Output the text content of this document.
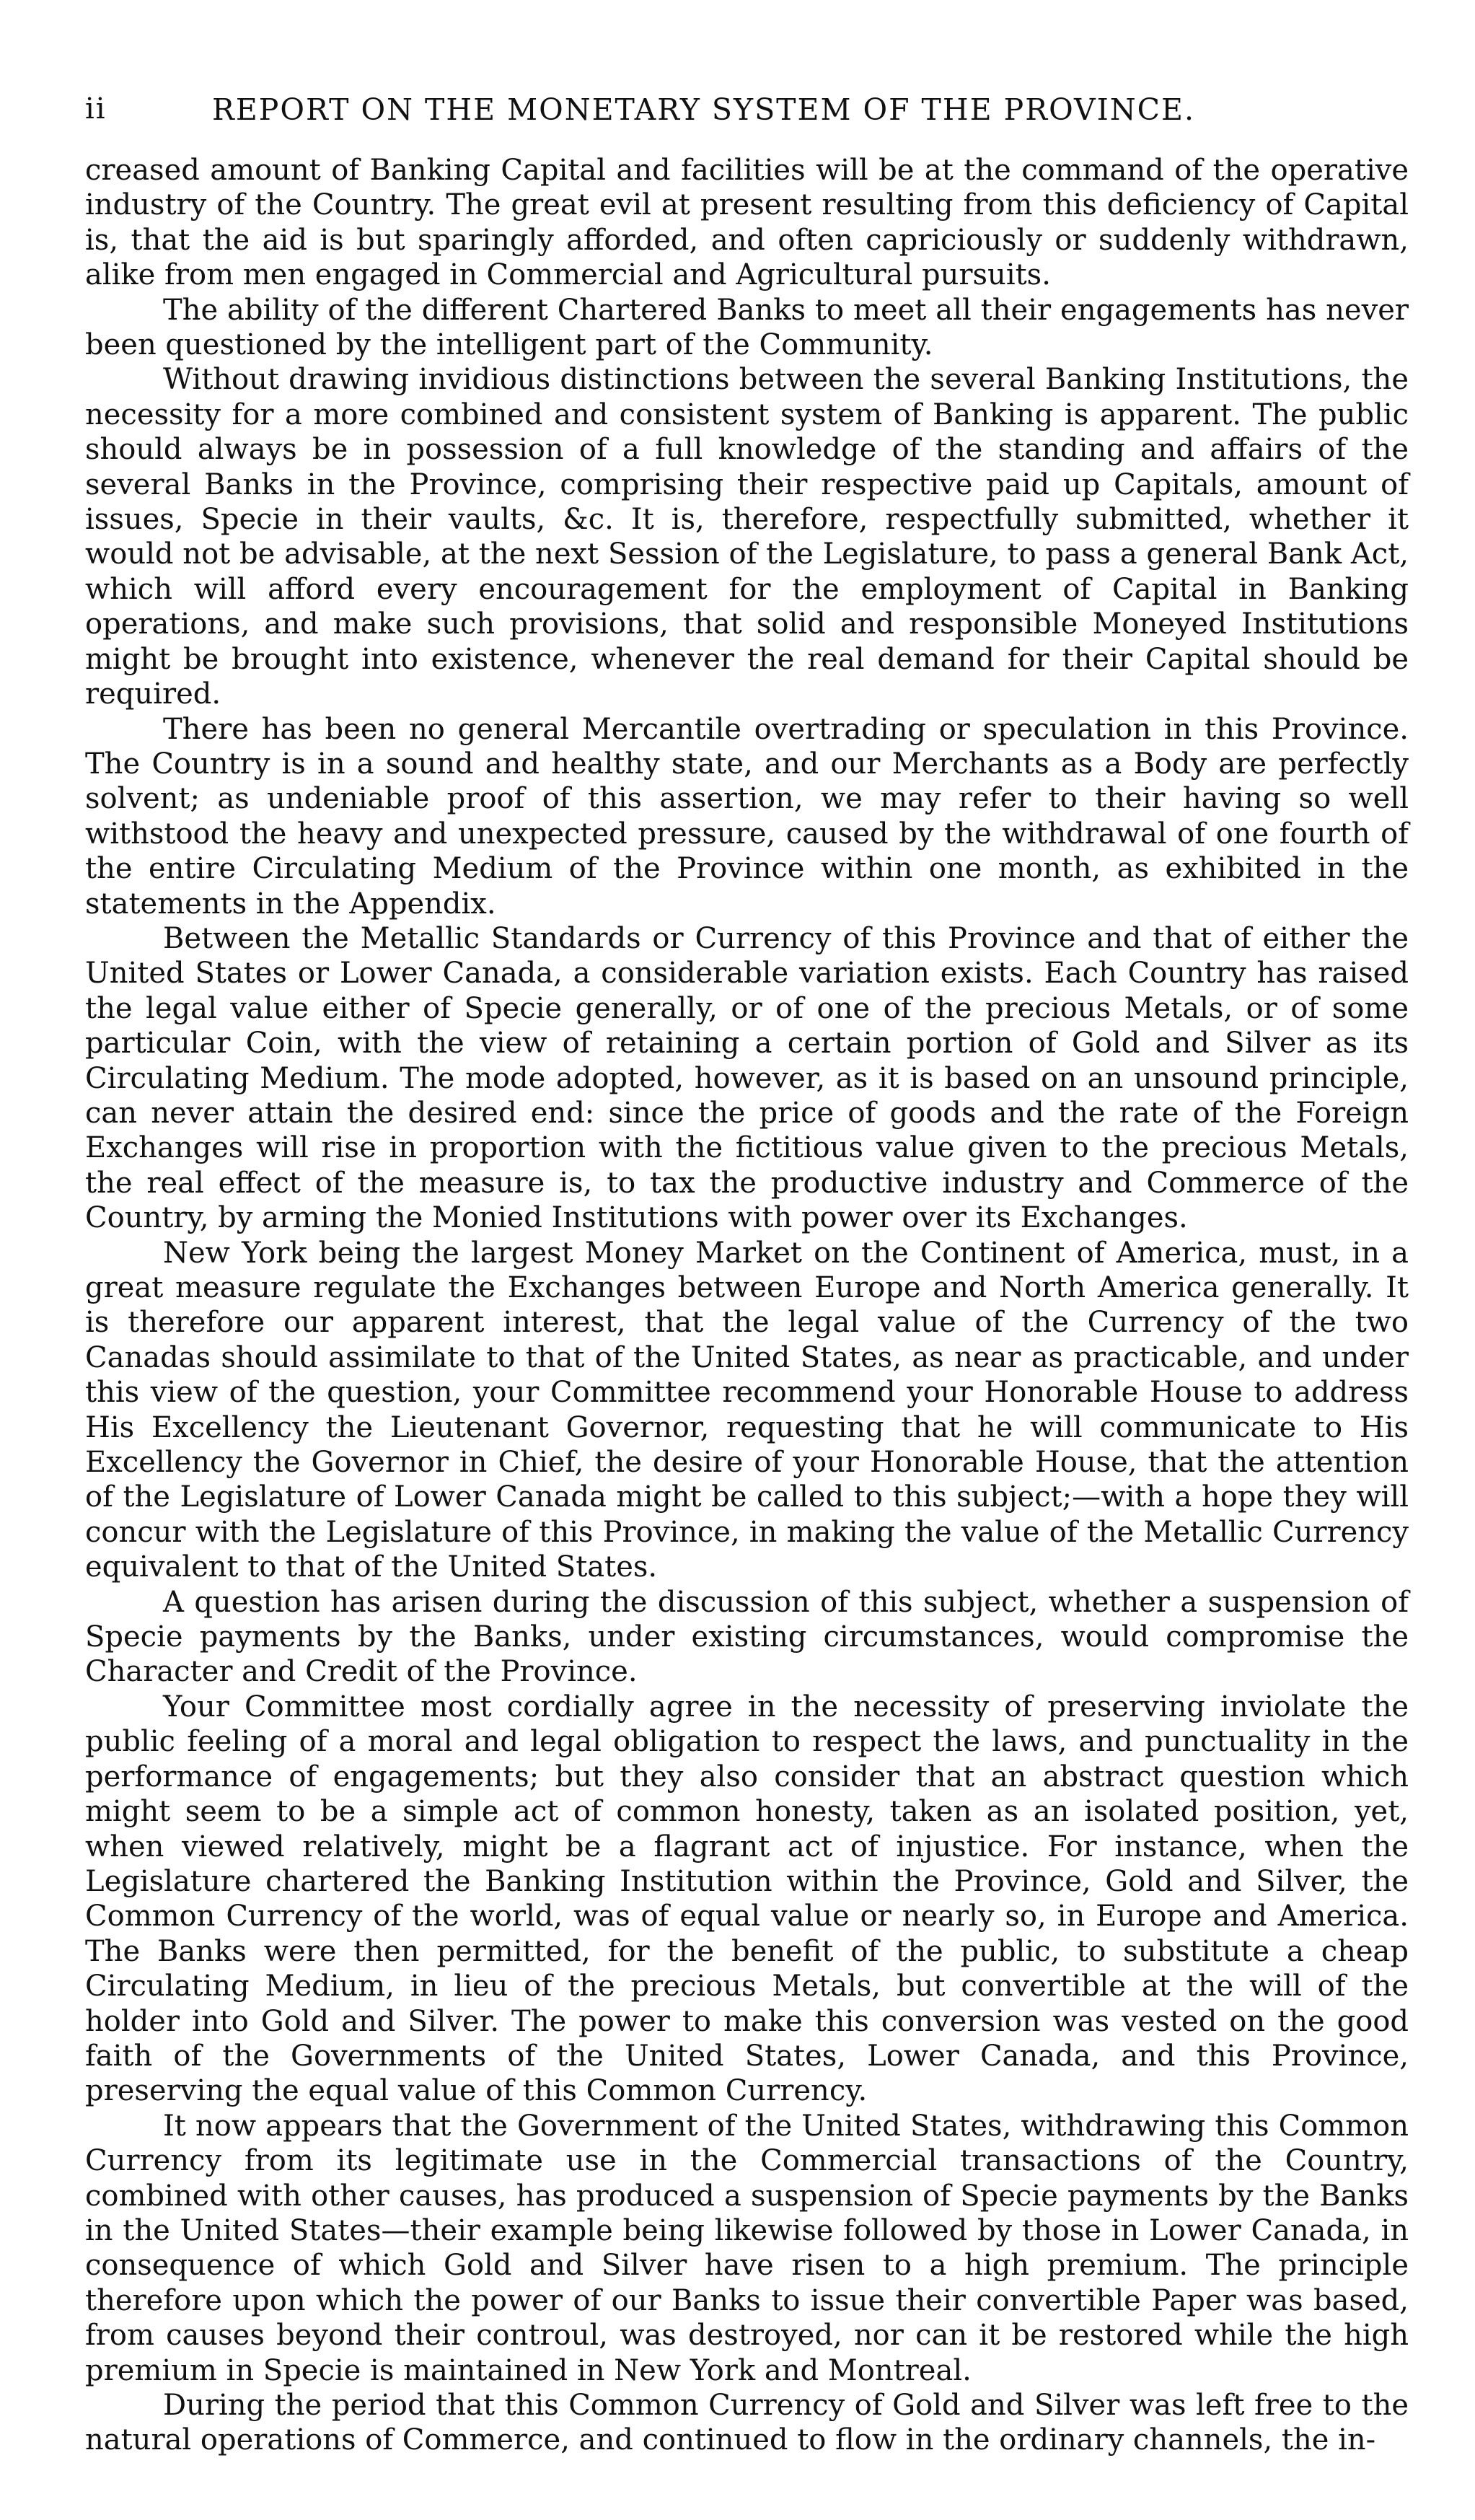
ii	REPORT ON THE MONETARY SYSTEM OF THE PROVINCE.

creased amount of Banking Capital and facilities will be at the command of the operative industry of the Country. The great evil at present resulting from this deficiency of Capital is, that the aid is but sparingly afforded, and often capriciously or suddenly withdrawn, alike from men engaged in Commercial and Agricultural pursuits.

The ability of the different Chartered Banks to meet all their engagements has never been questioned by the intelligent part of the Community.

Without drawing invidious distinctions between the several Banking Institutions, the necessity for a more combined and consistent system of Banking is apparent. The public should always be in possession of a full knowledge of the standing and affairs of the several Banks in the Province, comprising their respective paid up Capitals, amount of issues, Specie in their vaults, &c. It is, therefore, respectfully submitted, whether it would not be advisable, at the next Session of the Legislature, to pass a general Bank Act, which will afford every encouragement for the employment of Capital in Banking operations, and make such provisions, that solid and responsible Moneyed Institutions might be brought into existence, whenever the real demand for their Capital should be required.

There has been no general Mercantile overtrading or speculation in this Province. The Country is in a sound and healthy state, and our Merchants as a Body are perfectly solvent; as undeniable proof of this assertion, we may refer to their having so well withstood the heavy and unexpected pressure, caused by the withdrawal of one fourth of the entire Circulating Medium of the Province within one month, as exhibited in the statements in the Appendix.

Between the Metallic Standards or Currency of this Province and that of either the United States or Lower Canada, a considerable variation exists. Each Country has raised the legal value either of Specie generally, or of one of the precious Metals, or of some particular Coin, with the view of retaining a certain portion of Gold and Silver as its Circulating Medium. The mode adopted, however, as it is based on an unsound principle, can never attain the desired end: since the price of goods and the rate of the Foreign Exchanges will rise in proportion with the fictitious value given to the precious Metals, the real effect of the measure is, to tax the productive industry and Commerce of the Country, by arming the Monied Institutions with power over its Exchanges.

New York being the largest Money Market on the Continent of America, must, in a great measure regulate the Exchanges between Europe and North America generally. It is therefore our apparent interest, that the legal value of the Currency of the two Canadas should assimilate to that of the United States, as near as practicable, and under this view of the question, your Committee recommend your Honorable House to address His Excellency the Lieutenant Governor, requesting that he will communicate to His Excellency the Governor in Chief, the desire of your Honorable House, that the attention of the Legislature of Lower Canada might be called to this subject;—with a hope they will concur with the Legislature of this Province, in making the value of the Metallic Currency equivalent to that of the United States.

A question has arisen during the discussion of this subject, whether a suspension of Specie payments by the Banks, under existing circumstances, would compromise the Character and Credit of the Province.

Your Committee most cordially agree in the necessity of preserving inviolate the public feeling of a moral and legal obligation to respect the laws, and punctuality in the performance of engagements; but they also consider that an abstract question which might seem to be a simple act of common honesty, taken as an isolated position, yet, when viewed relatively, might be a flagrant act of injustice. For instance, when the Legislature chartered the Banking Institution within the Province, Gold and Silver, the Common Currency of the world, was of equal value or nearly so, in Europe and America. The Banks were then permitted, for the benefit of the public, to substitute a cheap Circulating Medium, in lieu of the precious Metals, but convertible at the will of the holder into Gold and Silver. The power to make this conversion was vested on the good faith of the Governments of the United States, Lower Canada, and this Province, preserving the equal value of this Common Currency.

It now appears that the Government of the United States, withdrawing this Common Currency from its legitimate use in the Commercial transactions of the Country, combined with other causes, has produced a suspension of Specie payments by the Banks in the United States—their example being likewise followed by those in Lower Canada, in consequence of which Gold and Silver have risen to a high premium. The principle therefore upon which the power of our Banks to issue their convertible Paper was based, from causes beyond their controul, was destroyed, nor can it be restored while the high premium in Specie is maintained in New York and Montreal.

During the period that this Common Currency of Gold and Silver was left free to the natural operations of Commerce, and continued to flow in the ordinary channels, the in-
